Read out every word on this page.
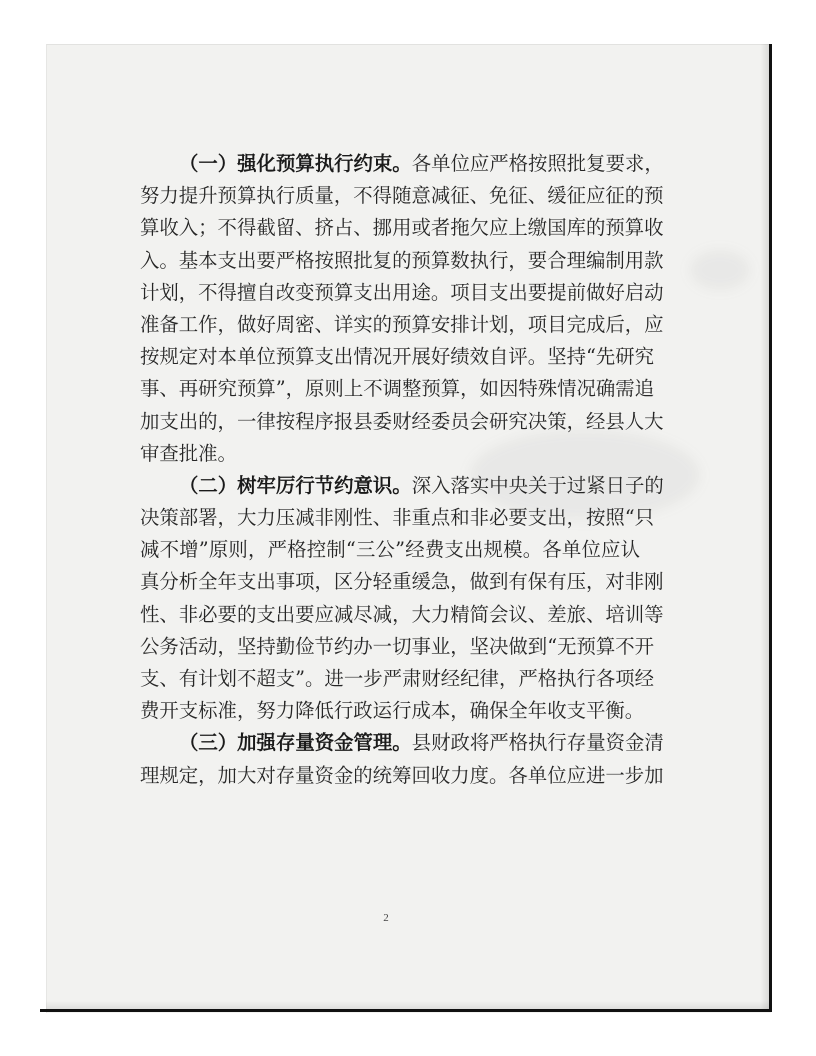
（一）强化预算执行约束。各单位应严格按照批复要求，
努力提升预算执行质量，不得随意减征、免征、缓征应征的预
算收入；不得截留、挤占、挪用或者拖欠应上缴国库的预算收
入。基本支出要严格按照批复的预算数执行，要合理编制用款
计划，不得擅自改变预算支出用途。项目支出要提前做好启动
准备工作，做好周密、详实的预算安排计划，项目完成后，应
按规定对本单位预算支出情况开展好绩效自评。坚持“先研究
事、再研究预算”，原则上不调整预算，如因特殊情况确需追
加支出的，一律按程序报县委财经委员会研究决策，经县人大
审查批准。
（二）树牢厉行节约意识。深入落实中央关于过紧日子的
决策部署，大力压减非刚性、非重点和非必要支出，按照“只
减不增”原则，严格控制“三公”经费支出规模。各单位应认
真分析全年支出事项，区分轻重缓急，做到有保有压，对非刚
性、非必要的支出要应减尽减，大力精简会议、差旅、培训等
公务活动，坚持勤俭节约办一切事业，坚决做到“无预算不开
支、有计划不超支”。进一步严肃财经纪律，严格执行各项经
费开支标准，努力降低行政运行成本，确保全年收支平衡。
（三）加强存量资金管理。县财政将严格执行存量资金清
理规定，加大对存量资金的统筹回收力度。各单位应进一步加
2
